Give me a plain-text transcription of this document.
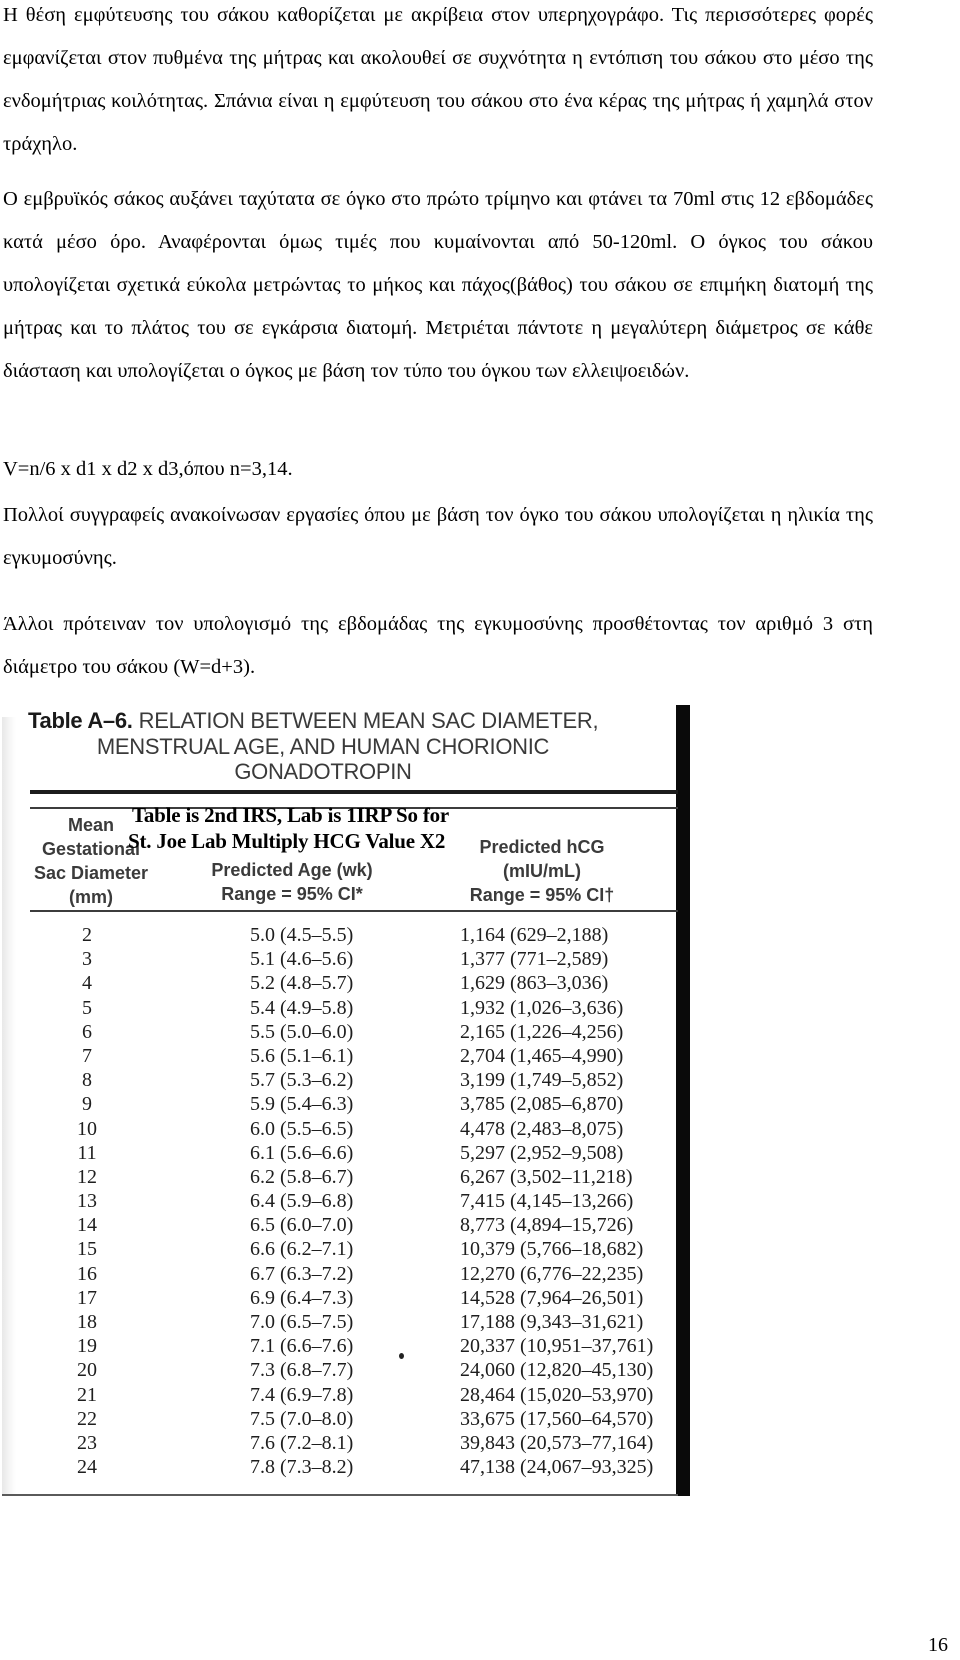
Η θέση εμφύτευσης του σάκου καθορίζεται με ακρίβεια στον υπερηχογράφο. Τις περισσότερες φορές εμφανίζεται στον πυθμένα της μήτρας και ακολουθεί σε συχνότητα η εντόπιση του σάκου στο μέσο της ενδομήτριας κοιλότητας. Σπάνια είναι η εμφύτευση του σάκου στο ένα κέρας της μήτρας ή χαμηλά στον τράχηλο.

Ο εμβρυϊκός σάκος αυξάνει ταχύτατα σε όγκο στο πρώτο τρίμηνο και φτάνει τα 70ml στις 12 εβδομάδες κατά μέσο όρο. Αναφέρονται όμως τιμές που κυμαίνονται από 50-120ml. Ο όγκος του σάκου υπολογίζεται σχετικά εύκολα μετρώντας το μήκος και πάχος(βάθος) του σάκου σε επιμήκη διατομή της μήτρας και το πλάτος του σε εγκάρσια διατομή. Μετριέται πάντοτε η μεγαλύτερη διάμετρος σε κάθε διάσταση και υπολογίζεται ο όγκος με βάση τον τύπο του όγκου των ελλειψοειδών.

V=n/6 x d1 x d2 x d3,όπου n=3,14.

Πολλοί συγγραφείς ανακοίνωσαν εργασίες όπου με βάση τον όγκο του σάκου υπολογίζεται η ηλικία της εγκυμοσύνης.

Άλλοι πρότειναν τον υπολογισμό της εβδομάδας της εγκυμοσύνης προσθέτοντας τον αριθμό 3 στη διάμετρο του σάκου (W=d+3).

Table A–6. RELATION BETWEEN MEAN SAC DIAMETER,
MENSTRUAL AGE, AND HUMAN CHORIONIC
GONADOTROPIN
Mean
Gestational
Sac Diameter
(mm)
Predicted Age (wk)
Range = 95% CI*
Predicted hCG
(mIU/mL)
Range = 95% CI†
Table is 2nd IRS, Lab is 1IRP So for
St. Joe Lab Multiply HCG Value X2
2	5.0 (4.5–5.5)	1,164 (629–2,188)
3	5.1 (4.6–5.6)	1,377 (771–2,589)
4	5.2 (4.8–5.7)	1,629 (863–3,036)
5	5.4 (4.9–5.8)	1,932 (1,026–3,636)
6	5.5 (5.0–6.0)	2,165 (1,226–4,256)
7	5.6 (5.1–6.1)	2,704 (1,465–4,990)
8	5.7 (5.3–6.2)	3,199 (1,749–5,852)
9	5.9 (5.4–6.3)	3,785 (2,085–6,870)
10	6.0 (5.5–6.5)	4,478 (2,483–8,075)
11	6.1 (5.6–6.6)	5,297 (2,952–9,508)
12	6.2 (5.8–6.7)	6,267 (3,502–11,218)
13	6.4 (5.9–6.8)	7,415 (4,145–13,266)
14	6.5 (6.0–7.0)	8,773 (4,894–15,726)
15	6.6 (6.2–7.1)	10,379 (5,766–18,682)
16	6.7 (6.3–7.2)	12,270 (6,776–22,235)
17	6.9 (6.4–7.3)	14,528 (7,964–26,501)
18	7.0 (6.5–7.5)	17,188 (9,343–31,621)
19	7.1 (6.6–7.6)	20,337 (10,951–37,761)
20	7.3 (6.8–7.7)	24,060 (12,820–45,130)
21	7.4 (6.9–7.8)	28,464 (15,020–53,970)
22	7.5 (7.0–8.0)	33,675 (17,560–64,570)
23	7.6 (7.2–8.1)	39,843 (20,573–77,164)
24	7.8 (7.3–8.2)	47,138 (24,067–93,325)
16
